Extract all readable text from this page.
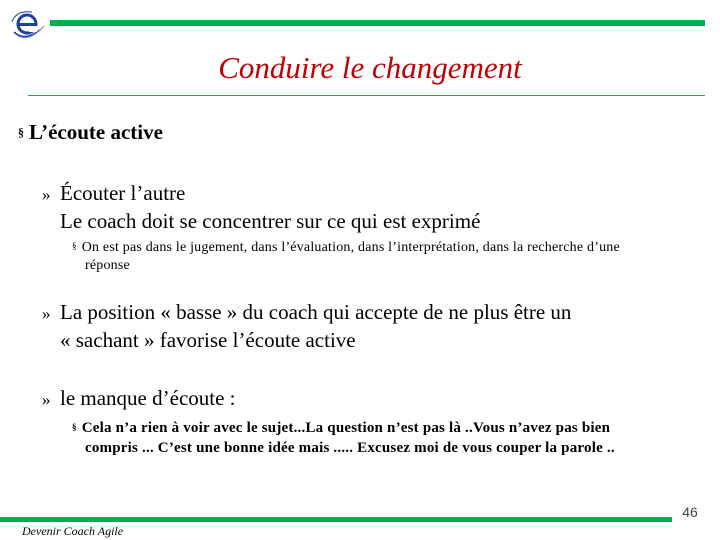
Conduire le changement
§ L’écoute active
» Écouter l’autre
Le coach doit se concentrer sur ce qui est exprimé
§ On est pas dans le jugement, dans l’évaluation, dans l’interprétation, dans la recherche d’une
réponse
» La position « basse » du coach qui accepte de ne plus être un
« sachant » favorise l’écoute active
» le manque d’écoute :
§ Cela n’a rien à voir avec le sujet...La question n’est pas là ..Vous n’avez pas bien
compris ... C’est une bonne idée mais ..... Excusez moi de vous couper la parole ..
46
Devenir Coach Agile
